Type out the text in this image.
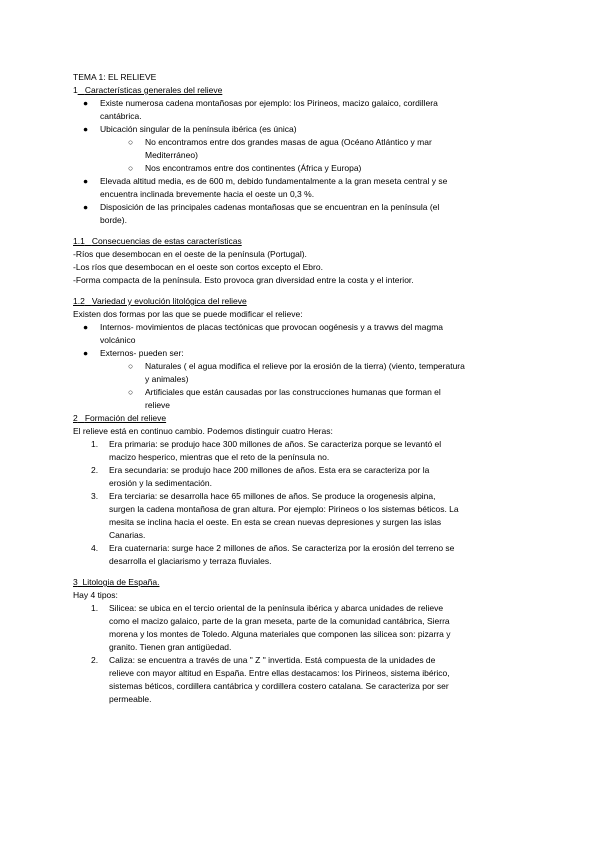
TEMA 1: EL RELIEVE
1_ Características generales del relieve
●	Existe numerosa cadena montañosas por ejemplo: los Pirineos, macizo galaico, cordillera
cantábrica.
●	Ubicación singular de la península ibérica (es única)
○	No encontramos entre dos grandes masas de agua (Océano Atlántico y mar
Mediterráneo)
○	Nos encontramos entre dos continentes (África y Europa)
●	Elevada altitud media, es de 600 m, debido fundamentalmente a la gran meseta central y se
encuentra inclinada brevemente hacia el oeste un 0,3 %.
●	Disposición de las principales cadenas montañosas que se encuentran en la península (el
borde).
1.1 Consecuencias de estas características
-Ríos que desembocan en el oeste de la península (Portugal).
-Los ríos que desembocan en el oeste son cortos excepto el Ebro.
-Forma compacta de la península. Esto provoca gran diversidad entre la costa y el interior.
1.2 Variedad y evolución litológica del relieve
Existen dos formas por las que se puede modificar el relieve:
●	Internos- movimientos de placas tectónicas que provocan oogénesis y a travws del magma
volcánico
●	Externos- pueden ser:
○	Naturales ( el agua modifica el relieve por la erosión de la tierra) (viento, temperatura
y animales)
○	Artificiales que están causadas por las construcciones humanas que forman el
relieve
2 Formación del relieve
El relieve está en continuo cambio. Podemos distinguir cuatro Heras:
1. Era primaria: se produjo hace 300 millones de años. Se caracteriza porque se levantó el
macizo hesperico, mientras que el reto de la península no.
2. Era secundaria: se produjo hace 200 millones de años. Esta era se caracteriza por la
erosión y la sedimentación.
3. Era terciaria: se desarrolla hace 65 millones de años. Se produce la orogenesis alpina,
surgen la cadena montañosa de gran altura. Por ejemplo: Pirineos o los sistemas béticos. La
mesita se inclina hacia el oeste. En esta se crean nuevas depresiones y surgen las islas
Canarias.
4. Era cuaternaria: surge hace 2 millones de años. Se caracteriza por la erosión del terreno se
desarrolla el glaciarismo y terraza fluviales.
3 Litologia de España.
Hay 4 tipos:
1. Silicea: se ubica en el tercio oriental de la península ibérica y abarca unidades de relieve
como el macizo galaico, parte de la gran meseta, parte de la comunidad cantábrica, Sierra
morena y los montes de Toledo. Alguna materiales que componen las silicea son: pizarra y
granito. Tienen gran antigüedad.
2. Caliza: se encuentra a través de una " Z " invertida. Está compuesta de la unidades de
relieve con mayor altitud en España. Entre ellas destacamos: los Pirineos, sistema ibérico,
sistemas béticos, cordillera cantábrica y cordillera costero catalana. Se caracteriza por ser
permeable.
